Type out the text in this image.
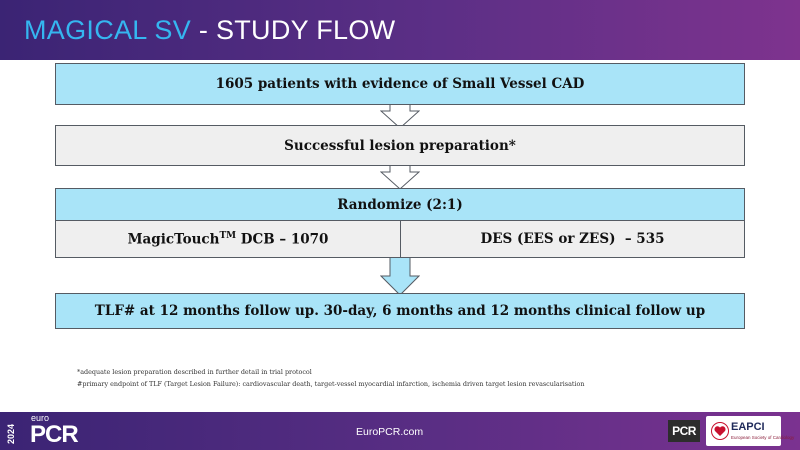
MAGICAL SV - STUDY FLOW
1605 patients with evidence of Small Vessel CAD
Successful lesion preparation*
Randomize (2:1)
MagicTouch™ DCB – 1070	DES (EES or ZES)  – 535
TLF# at 12 months follow up. 30-day, 6 months and 12 months clinical follow up
*adequate lesion preparation described in further detail in trial protocol
#primary endpoint of TLF (Target Lesion Failure): cardiovascular death, target-vessel myocardial infarction, ischemia driven target lesion revascularisation
2024
euro
PCR	EuroPCR.com	PCR	EAPCI
European Society of Cardiology
